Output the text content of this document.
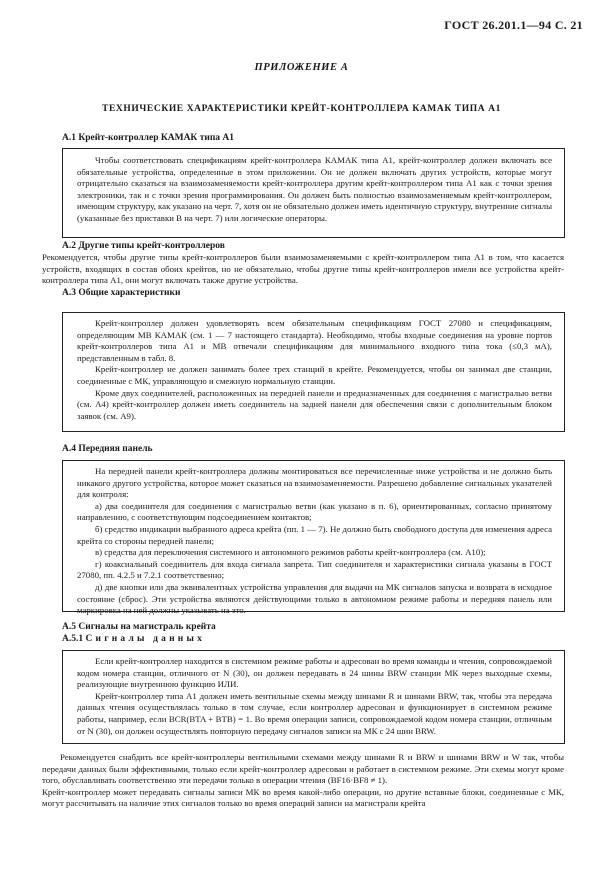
ГОСТ 26.201.1—94 С. 21
ПРИЛОЖЕНИЕ А
ТЕХНИЧЕСКИЕ ХАРАКТЕРИСТИКИ КРЕЙТ-КОНТРОЛЛЕРА КАМАК ТИПА А1
А.1 Крейт-контроллер КАМАК типа А1

Чтобы соответствовать спецификациям крейт-контроллера КАМАК типа А1, крейт-контроллер должен включать все обязательные устройства, определенные в этом приложении. Он не должен включать других устройств, которые могут отрицательно сказаться на взаимозаменяемости крейт-контроллера другим крейт-контроллером типа А1 как с точки зрения электроники, так и с точки зрения программирования. Он должен быть полностью взаимозаменяемым крейт-контроллером, имеющим структуру, как указано на черт. 7, хотя он не обязательно должен иметь идентичную структуру, внутренние сигналы (указанные без приставки В на черт. 7) или логические операторы.

А.2 Другие типы крейт-контроллеров

Рекомендуется, чтобы другие типы крейт-контроллеров были взаимозаменяемыми с крейт-контроллером типа А1 в том, что касается устройств, входящих в состав обоих крейтов, но не обязательно, чтобы другие типы крейт-контроллеров имели все устройства крейт-контроллера типа А1, они могут включать также другие устройства.

А.3 Общие характеристики

Крейт-контроллер должен удовлетворять всем обязательным спецификациям ГОСТ 27080 и спецификациям, определяющим МВ КАМАК (см. 1 — 7 настоящего стандарта). Необходимо, чтобы входные соединения на уровне портов крейт-контроллеров типа А1 и МВ отвечали спецификациям для минимального входного типа тока (≤0,3 мА), представленным в табл. 8.

Крейт-контроллер не должен занимать более трех станций в крейте. Рекомендуется, чтобы он занимал две станции, соединенные с МК, управляющую и смежную нормальную станции.

Кроме двух соединителей, расположенных на передней панели и предназначенных для соединения с магистралью ветви (см. А4) крейт-контроллер должен иметь соединитель на задней панели для обеспечения связи с дополнительным блоком заявок (см. А9).

А.4 Передняя панель

На передней панели крейт-контроллера должны монтироваться все перечисленные ниже устройства и не должно быть никакого другого устройства, которое может сказаться на взаимозаменяемости. Разрешено добавление сигнальных указателей для контроля:

а) два соединителя для соединения с магистралью ветви (как указано в п. 6), ориентированных, согласно принятому направлению, с соответствующим подсоединением контактов;

б) средство индикации выбранного адреса крейта (пп. 1 — 7). Не должно быть свободного доступа для изменения адреса крейта со стороны передней панели;

в) средства для переключения системного и автономного режимов работы крейт-контроллера (см. А10);

г) коаксиальный соединитель для входа сигнала запрета. Тип соединителя и характеристики сигнала указаны в ГОСТ 27080, пп. 4.2.5 и 7.2.1 соответственно;

д) две кнопки или два эквивалентных устройства управления для выдачи на МК сигналов запуска и возврата в исходное состояние (сброс). Эти устройства являются действующими только в автономном режиме работы и передняя панель или маркировка на ней должны указывать на это.

А.5 Сигналы на магистраль крейта
А.5.1 Сигналы данных

Если крейт-контроллер находится в системном режиме работы и адресован во время команды и чтения, сопровождаемой кодом номера станции, отличного от N (30), он должен передавать в 24 шины BRW станции МК через выходные схемы, реализующие внутреннюю функцию ИЛИ.

Крейт-контроллер типа А1 должен иметь вентильные схемы между шинами R и шинами BRW, так, чтобы эта передача данных чтения осуществлялась только в том случае, если контроллер адресован и функционирует в системном режиме работы, например, если BCR(BTA + BTB) = 1. Во время операции записи, сопровождаемой кодом номера станции, отличным от N (30), он должен осуществлять повторную передачу сигналов записи на МК с 24 шин BRW.

Рекомендуется снабдить все крейт-контроллеры вентильными схемами между шинами R и BRW и шинами BRW и W так, чтобы передачи данных были эффективными, только если крейт-контроллер адресован и работает в системном режиме. Эти схемы могут кроме того, обуславливать соответственно эти передачи только в операции чтения (BF16·BF8 ≠ 1).

Крейт-контроллер может передавать сигналы записи МК во время какой-либо операции, но другие вставные блоки, соединенные с МК, могут рассчитывать на наличие этих сигналов только во время операций записи на магистрали крейта
